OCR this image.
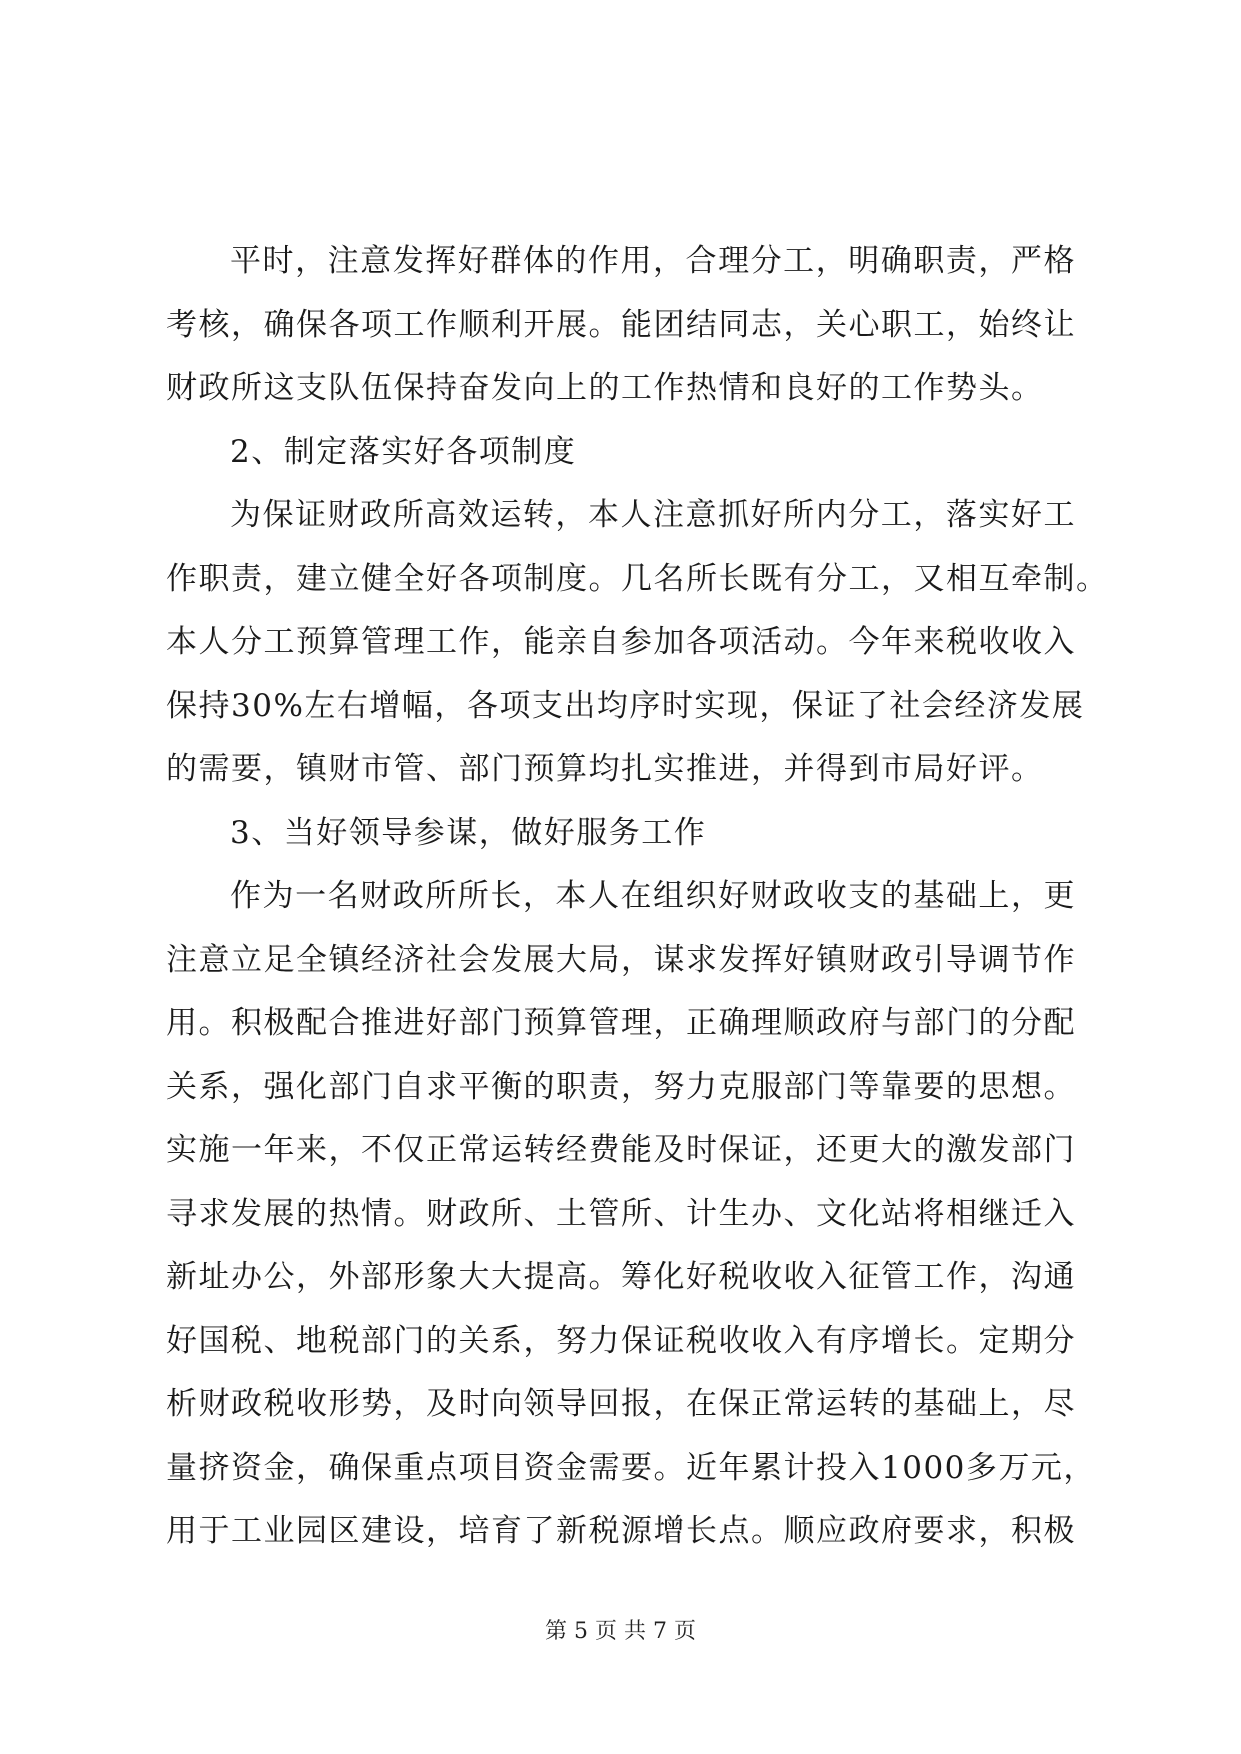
平时，注意发挥好群体的作用，合理分工，明确职责，严格
考核，确保各项工作顺利开展。能团结同志，关心职工，始终让
财政所这支队伍保持奋发向上的工作热情和良好的工作势头。
2、制定落实好各项制度
为保证财政所高效运转，本人注意抓好所内分工，落实好工
作职责，建立健全好各项制度。几名所长既有分工，又相互牵制。
本人分工预算管理工作，能亲自参加各项活动。今年来税收收入
保持30%左右增幅，各项支出均序时实现，保证了社会经济发展
的需要，镇财市管、部门预算均扎实推进，并得到市局好评。
3、当好领导参谋，做好服务工作
作为一名财政所所长，本人在组织好财政收支的基础上，更
注意立足全镇经济社会发展大局，谋求发挥好镇财政引导调节作
用。积极配合推进好部门预算管理，正确理顺政府与部门的分配
关系，强化部门自求平衡的职责，努力克服部门等靠要的思想。
实施一年来，不仅正常运转经费能及时保证，还更大的激发部门
寻求发展的热情。财政所、土管所、计生办、文化站将相继迁入
新址办公，外部形象大大提高。筹化好税收收入征管工作，沟通
好国税、地税部门的关系，努力保证税收收入有序增长。定期分
析财政税收形势，及时向领导回报，在保正常运转的基础上，尽
量挤资金，确保重点项目资金需要。近年累计投入1000多万元，
用于工业园区建设，培育了新税源增长点。顺应政府要求，积极
第 5 页 共 7 页
